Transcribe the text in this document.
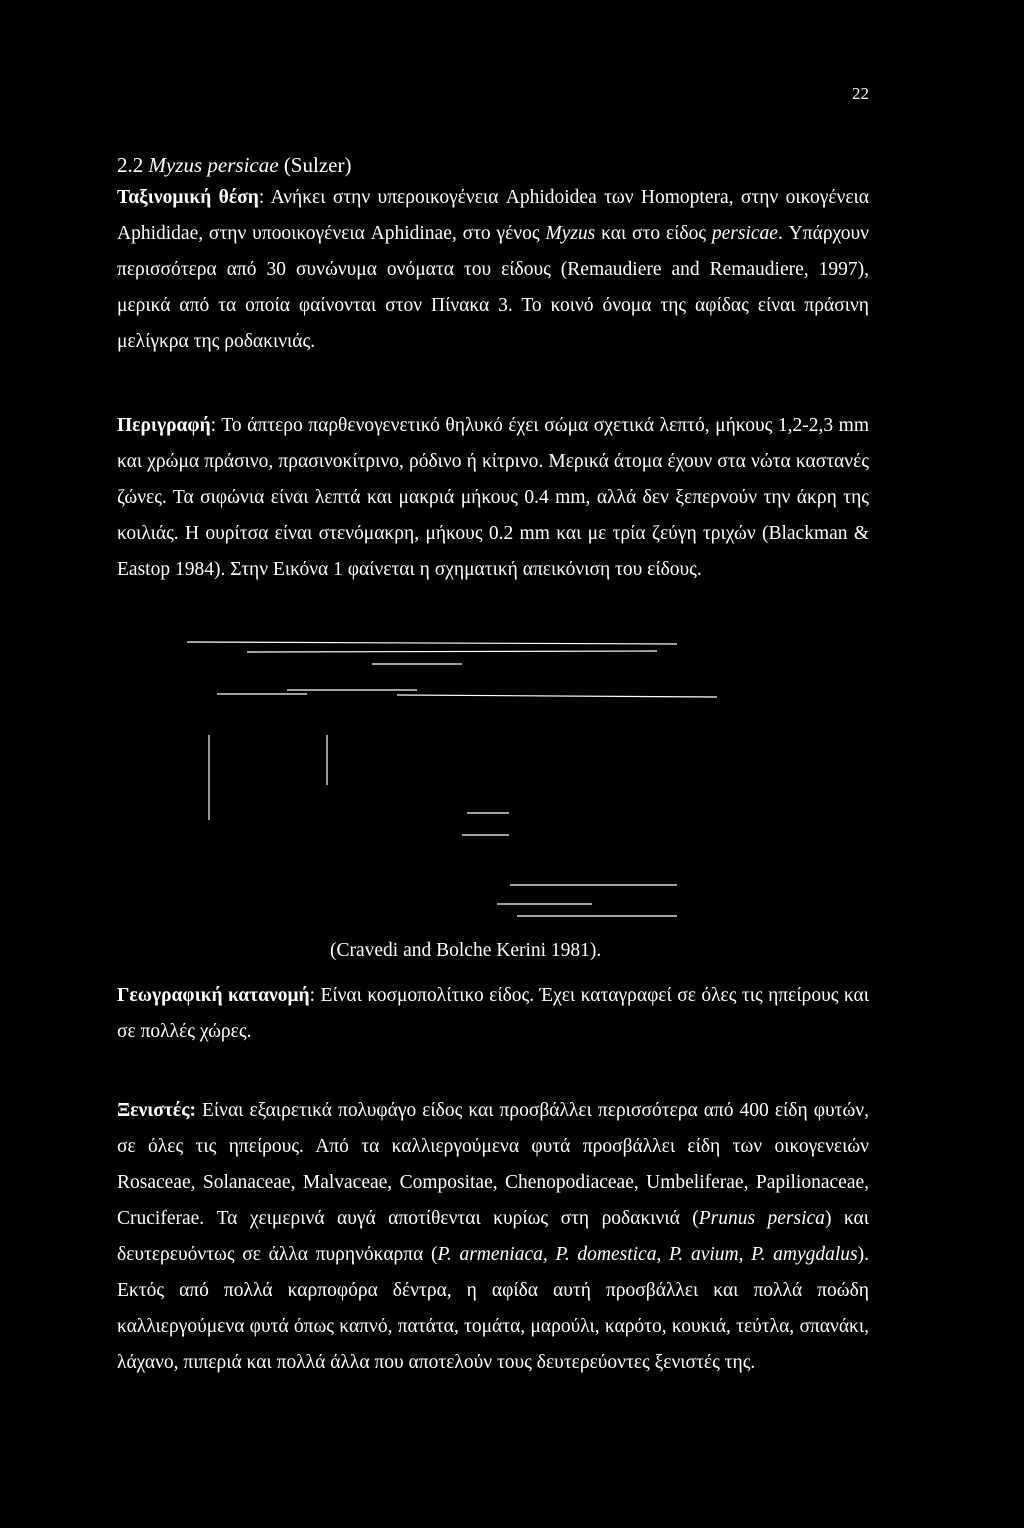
22
2.2 Myzus persicae (Sulzer)

Ταξινομική θέση: Ανήκει στην υπεροικογένεια Aphidoidea των Homoptera, στην οικογένεια Aphididae, στην υποοικογένεια Aphidinae, στο γένος Myzus και στο είδος persicae. Υπάρχουν περισσότερα από 30 συνώνυμα ονόματα του είδους (Remaudiere and Remaudiere, 1997), μερικά από τα οποία φαίνονται στον Πίνακα 3. Το κοινό όνομα της αφίδας είναι πράσινη μελίγκρα της ροδακινιάς.

Περιγραφή: Το άπτερο παρθενογενετικό θηλυκό έχει σώμα σχετικά λεπτό, μήκους 1,2-2,3 mm και χρώμα πράσινο, πρασινοκίτρινο, ρόδινο ή κίτρινο. Μερικά άτομα έχουν στα νώτα καστανές ζώνες. Τα σιφώνια είναι λεπτά και μακριά μήκους 0.4 mm, αλλά δεν ξεπερνούν την άκρη της κοιλιάς. Η ουρίτσα είναι στενόμακρη, μήκους 0.2 mm και με τρία ζεύγη τριχών (Blackman & Eastop 1984). Στην Εικόνα 1 φαίνεται η σχηματική απεικόνιση του είδους.

(Cravedi and Bolche Kerini 1981).

Γεωγραφική κατανομή: Είναι κοσμοπολίτικο είδος. Έχει καταγραφεί σε όλες τις ηπείρους και σε πολλές χώρες.

Ξενιστές: Είναι εξαιρετικά πολυφάγο είδος και προσβάλλει περισσότερα από 400 είδη φυτών, σε όλες τις ηπείρους. Από τα καλλιεργούμενα φυτά προσβάλλει είδη των οικογενειών Rosaceae, Solanaceae, Malvaceae, Compositae, Chenopodiaceae, Umbeliferae, Papilionaceae, Cruciferae. Τα χειμερινά αυγά αποτίθενται κυρίως στη ροδακινιά (Prunus persica) και δευτερευόντως σε άλλα πυρηνόκαρπα (P. armeniaca, P. domestica, P. avium, P. amygdalus). Εκτός από πολλά καρποφόρα δέντρα, η αφίδα αυτή προσβάλλει και πολλά ποώδη καλλιεργούμενα φυτά όπως καπνό, πατάτα, τομάτα, μαρούλι, καρότο, κουκιά, τεύτλα, σπανάκι, λάχανο, πιπεριά και πολλά άλλα που αποτελούν τους δευτερεύοντες ξενιστές της.
